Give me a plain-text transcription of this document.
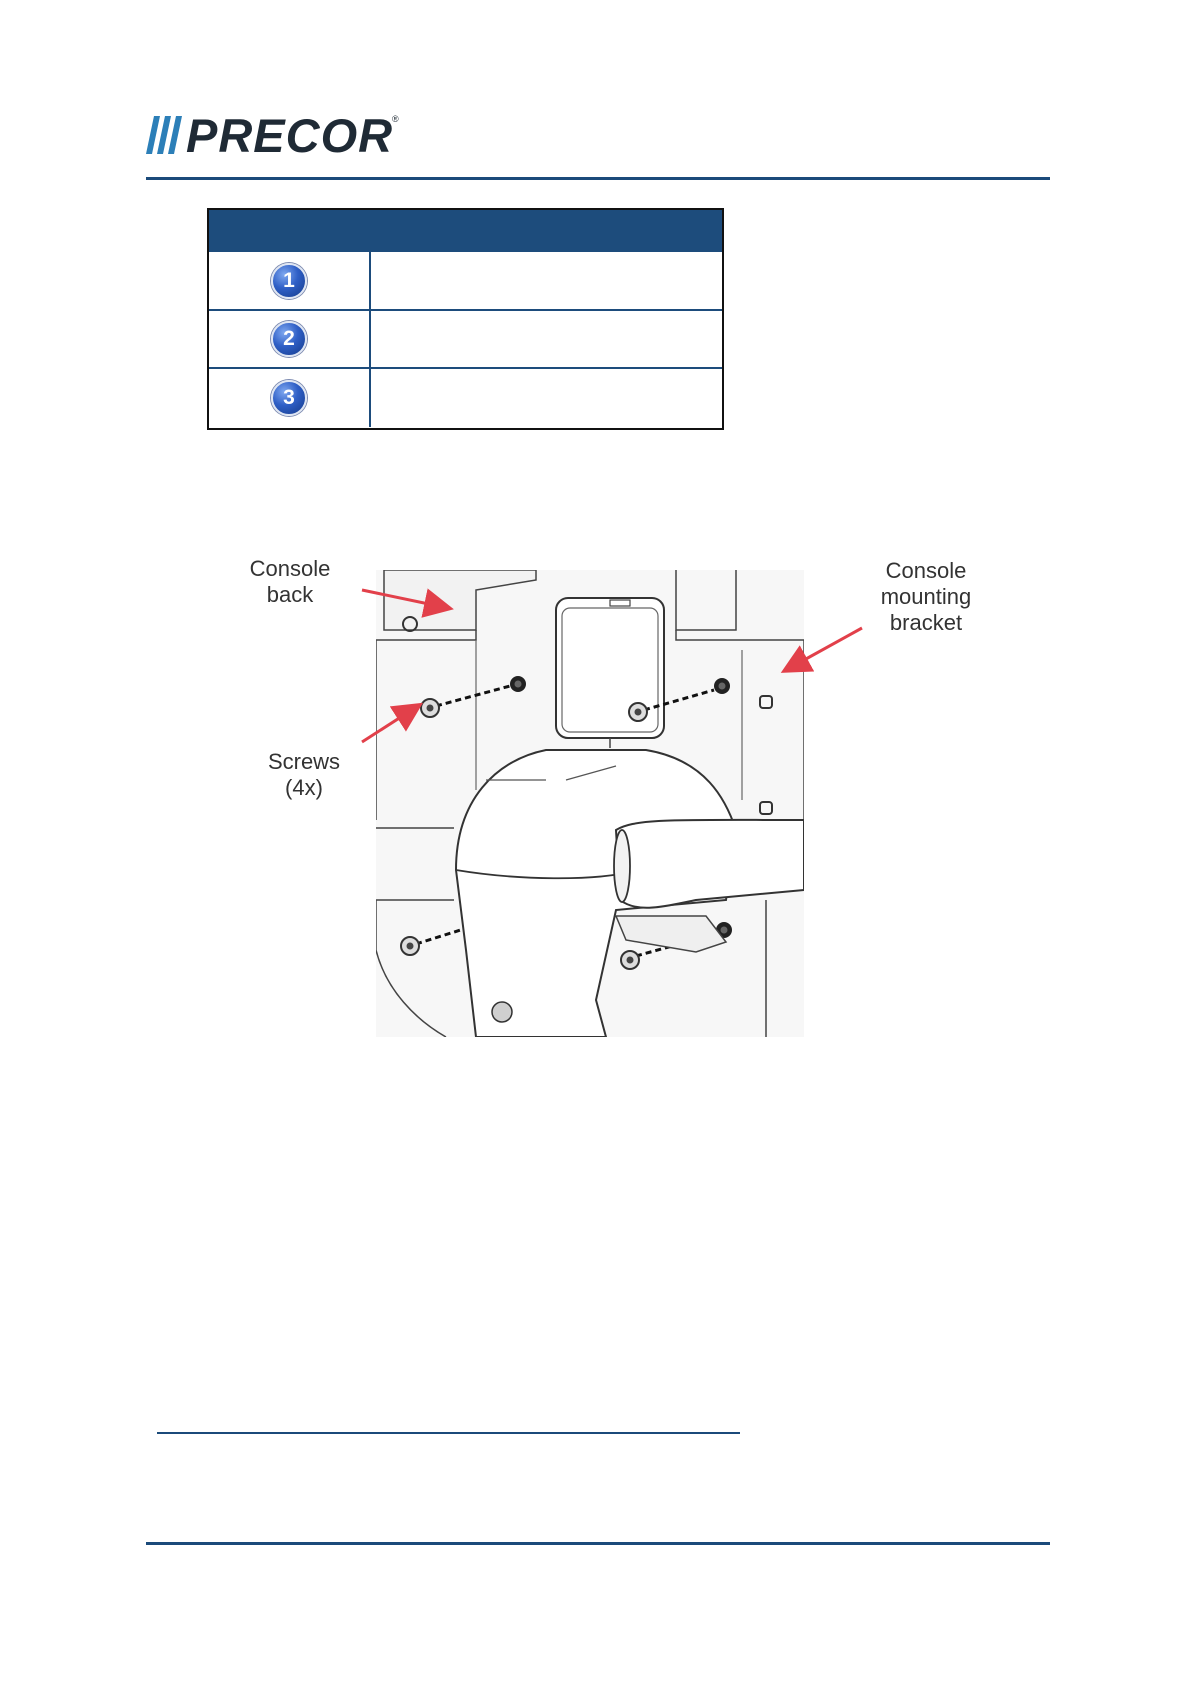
PRECOR
®
1
2
3
Console
back
Console
mounting
bracket
Screws
(4x)
